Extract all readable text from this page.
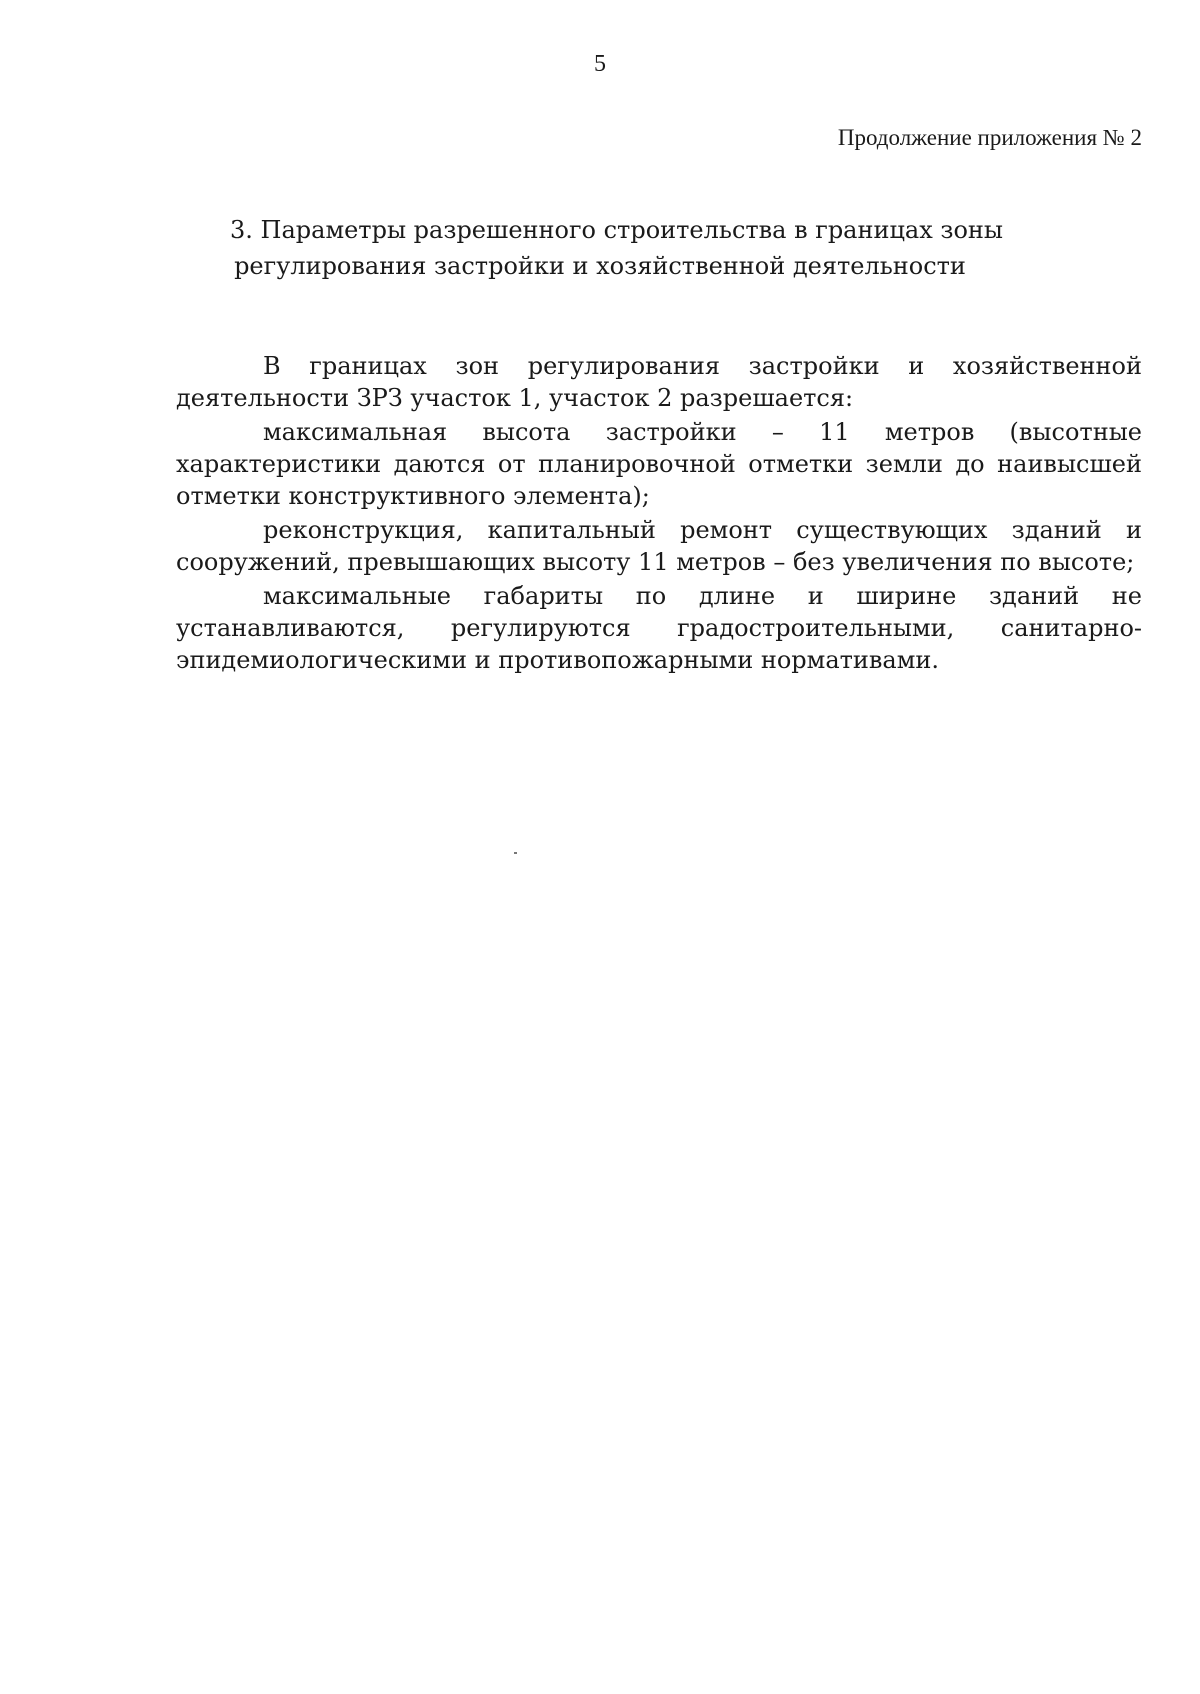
5
Продолжение приложения № 2
3. Параметры разрешенного строительства в границах зоны
регулирования застройки и хозяйственной деятельности
В границах зон регулирования застройки и хозяйственной
деятельности ЗРЗ участок 1, участок 2 разрешается:
максимальная высота застройки – 11 метров (высотные
характеристики даются от планировочной отметки земли до наивысшей
отметки конструктивного элемента);
реконструкция, капитальный ремонт существующих зданий и
сооружений, превышающих высоту 11 метров – без увеличения по высоте;
максимальные габариты по длине и ширине зданий не
устанавливаются, регулируются градостроительными, санитарно-
эпидемиологическими и противопожарными нормативами.
